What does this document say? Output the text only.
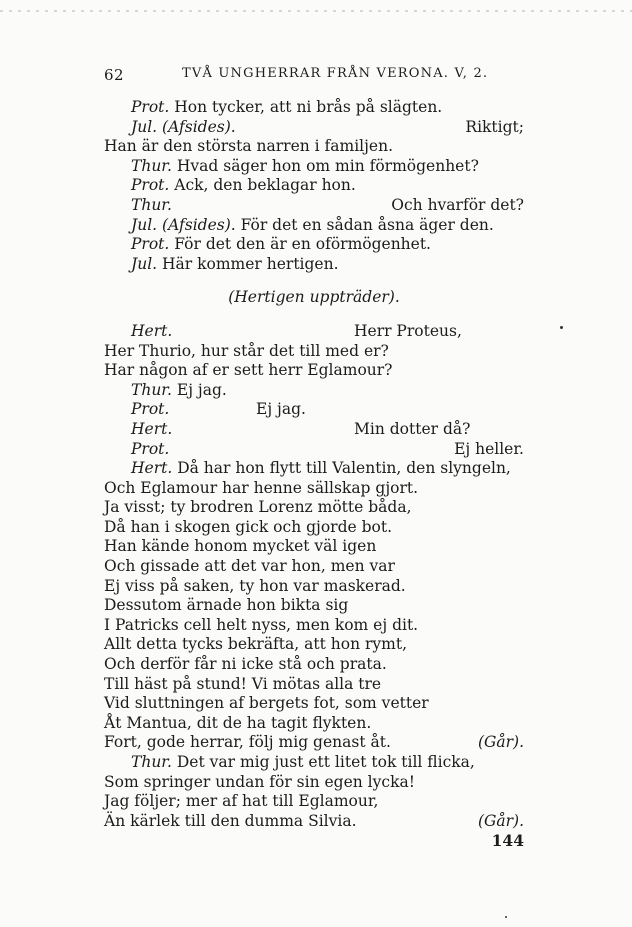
62	TVÅ UNGHERRAR FRÅN VERONA. V, 2.
Prot. Hon tycker, att ni brås på slägten.
Jul. (Afsides).	Riktigt;
Han är den största narren i familjen.
Thur. Hvad säger hon om min förmögenhet?
Prot. Ack, den beklagar hon.
Thur.	Och hvarför det?
Jul. (Afsides). För det en sådan åsna äger den.
Prot. För det den är en oförmögenhet.
Jul. Här kommer hertigen.
(Hertigen uppträder).
Hert.	Herr Proteus,
Her Thurio, hur står det till med er?
Har någon af er sett herr Eglamour?
Thur. Ej jag.
Prot.	Ej jag.
Hert.	Min dotter då?
Prot.	Ej heller.
Hert. Då har hon flytt till Valentin, den slyngeln,
Och Eglamour har henne sällskap gjort.
Ja visst; ty brodren Lorenz mötte båda,
Då han i skogen gick och gjorde bot.
Han kände honom mycket väl igen
Och gissade att det var hon, men var
Ej viss på saken, ty hon var maskerad.
Dessutom ärnade hon bikta sig
I Patricks cell helt nyss, men kom ej dit.
Allt detta tycks bekräfta, att hon rymt,
Och derför får ni icke stå och prata.
Till häst på stund! Vi mötas alla tre
Vid sluttningen af bergets fot, som vetter
Åt Mantua, dit de ha tagit flykten.
Fort, gode herrar, följ mig genast åt.	(Går).
Thur. Det var mig just ett litet tok till flicka,
Som springer undan för sin egen lycka!
Jag följer; mer af hat till Eglamour,
Än kärlek till den dumma Silvia.	(Går).
144
